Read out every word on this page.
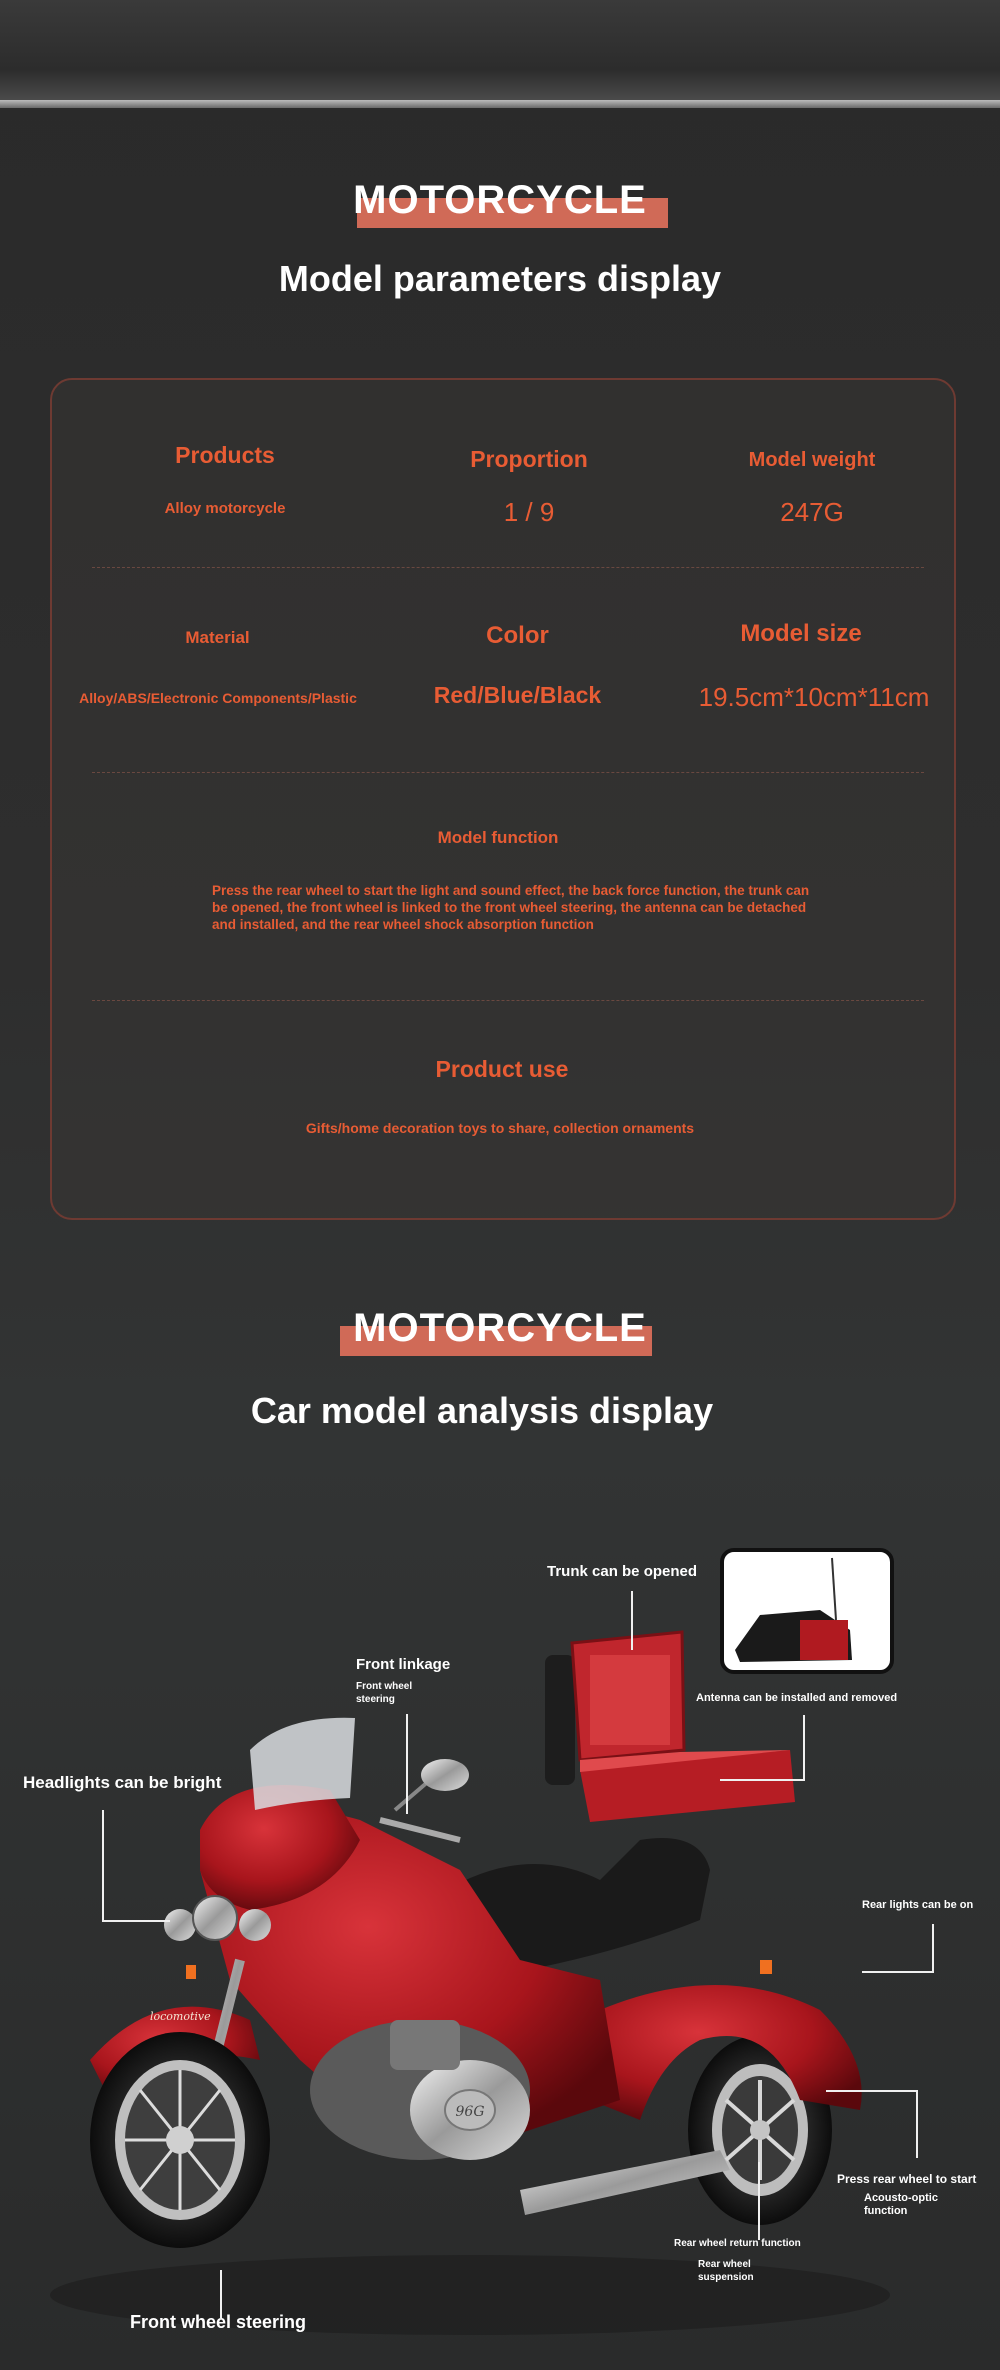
MOTORCYCLE
Model parameters display
Products
Alloy motorcycle
Proportion
1 / 9
Model weight
247G
Material
Alloy/ABS/Electronic Components/Plastic
Color
Red/Blue/Black
Model size
19.5cm*10cm*11cm
Model function
Press the rear wheel to start the light and sound effect, the back force function, the trunk can be opened, the front wheel is linked to the front wheel steering, the antenna can be detached and installed, and the rear wheel shock absorption function
Product use
Gifts/home decoration toys to share, collection ornaments
MOTORCYCLE
Car model analysis display
96G
locomotive
Trunk can be opened
Antenna can be installed and removed
Front linkage
Front wheel steering
Headlights can be bright
Rear lights can be on
Press rear wheel to start
Acousto-optic function
Rear wheel return function
Rear wheel suspension
Front wheel steering
